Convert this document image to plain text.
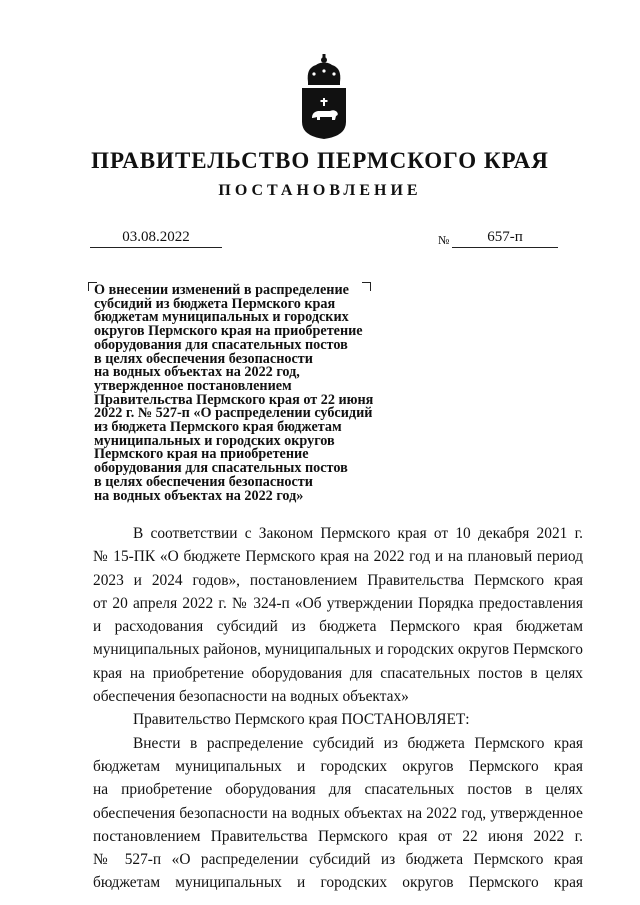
ПРАВИТЕЛЬСТВО ПЕРМСКОГО КРАЯ
ПОСТАНОВЛЕНИЕ
03.08.2022	№	657-п
О внесении изменений в распределение
субсидий из бюджета Пермского края
бюджетам муниципальных и городских
округов Пермского края на приобретение
оборудования для спасательных постов
в целях обеспечения безопасности
на водных объектах на 2022 год,
утвержденное постановлением
Правительства Пермского края от 22 июня
2022 г. № 527-п «О распределении субсидий
из бюджета Пермского края бюджетам
муниципальных и городских округов
Пермского края на приобретение
оборудования для спасательных постов
в целях обеспечения безопасности
на водных объектах на 2022 год»
В соответствии с Законом Пермского края от 10 декабря 2021 г.
№ 15-ПК «О бюджете Пермского края на 2022 год и на плановый период
2023 и 2024 годов», постановлением Правительства Пермского края
от 20 апреля 2022 г. № 324-п «Об утверждении Порядка предоставления
и расходования субсидий из бюджета Пермского края бюджетам
муниципальных районов, муниципальных и городских округов Пермского
края на приобретение оборудования для спасательных постов в целях
обеспечения безопасности на водных объектах»
Правительство Пермского края ПОСТАНОВЛЯЕТ:
Внести в распределение субсидий из бюджета Пермского края
бюджетам муниципальных и городских округов Пермского края
на приобретение оборудования для спасательных постов в целях
обеспечения безопасности на водных объектах на 2022 год, утвержденное
постановлением Правительства Пермского края от 22 июня 2022 г.
№ 527-п «О распределении субсидий из бюджета Пермского края
бюджетам муниципальных и городских округов Пермского края
